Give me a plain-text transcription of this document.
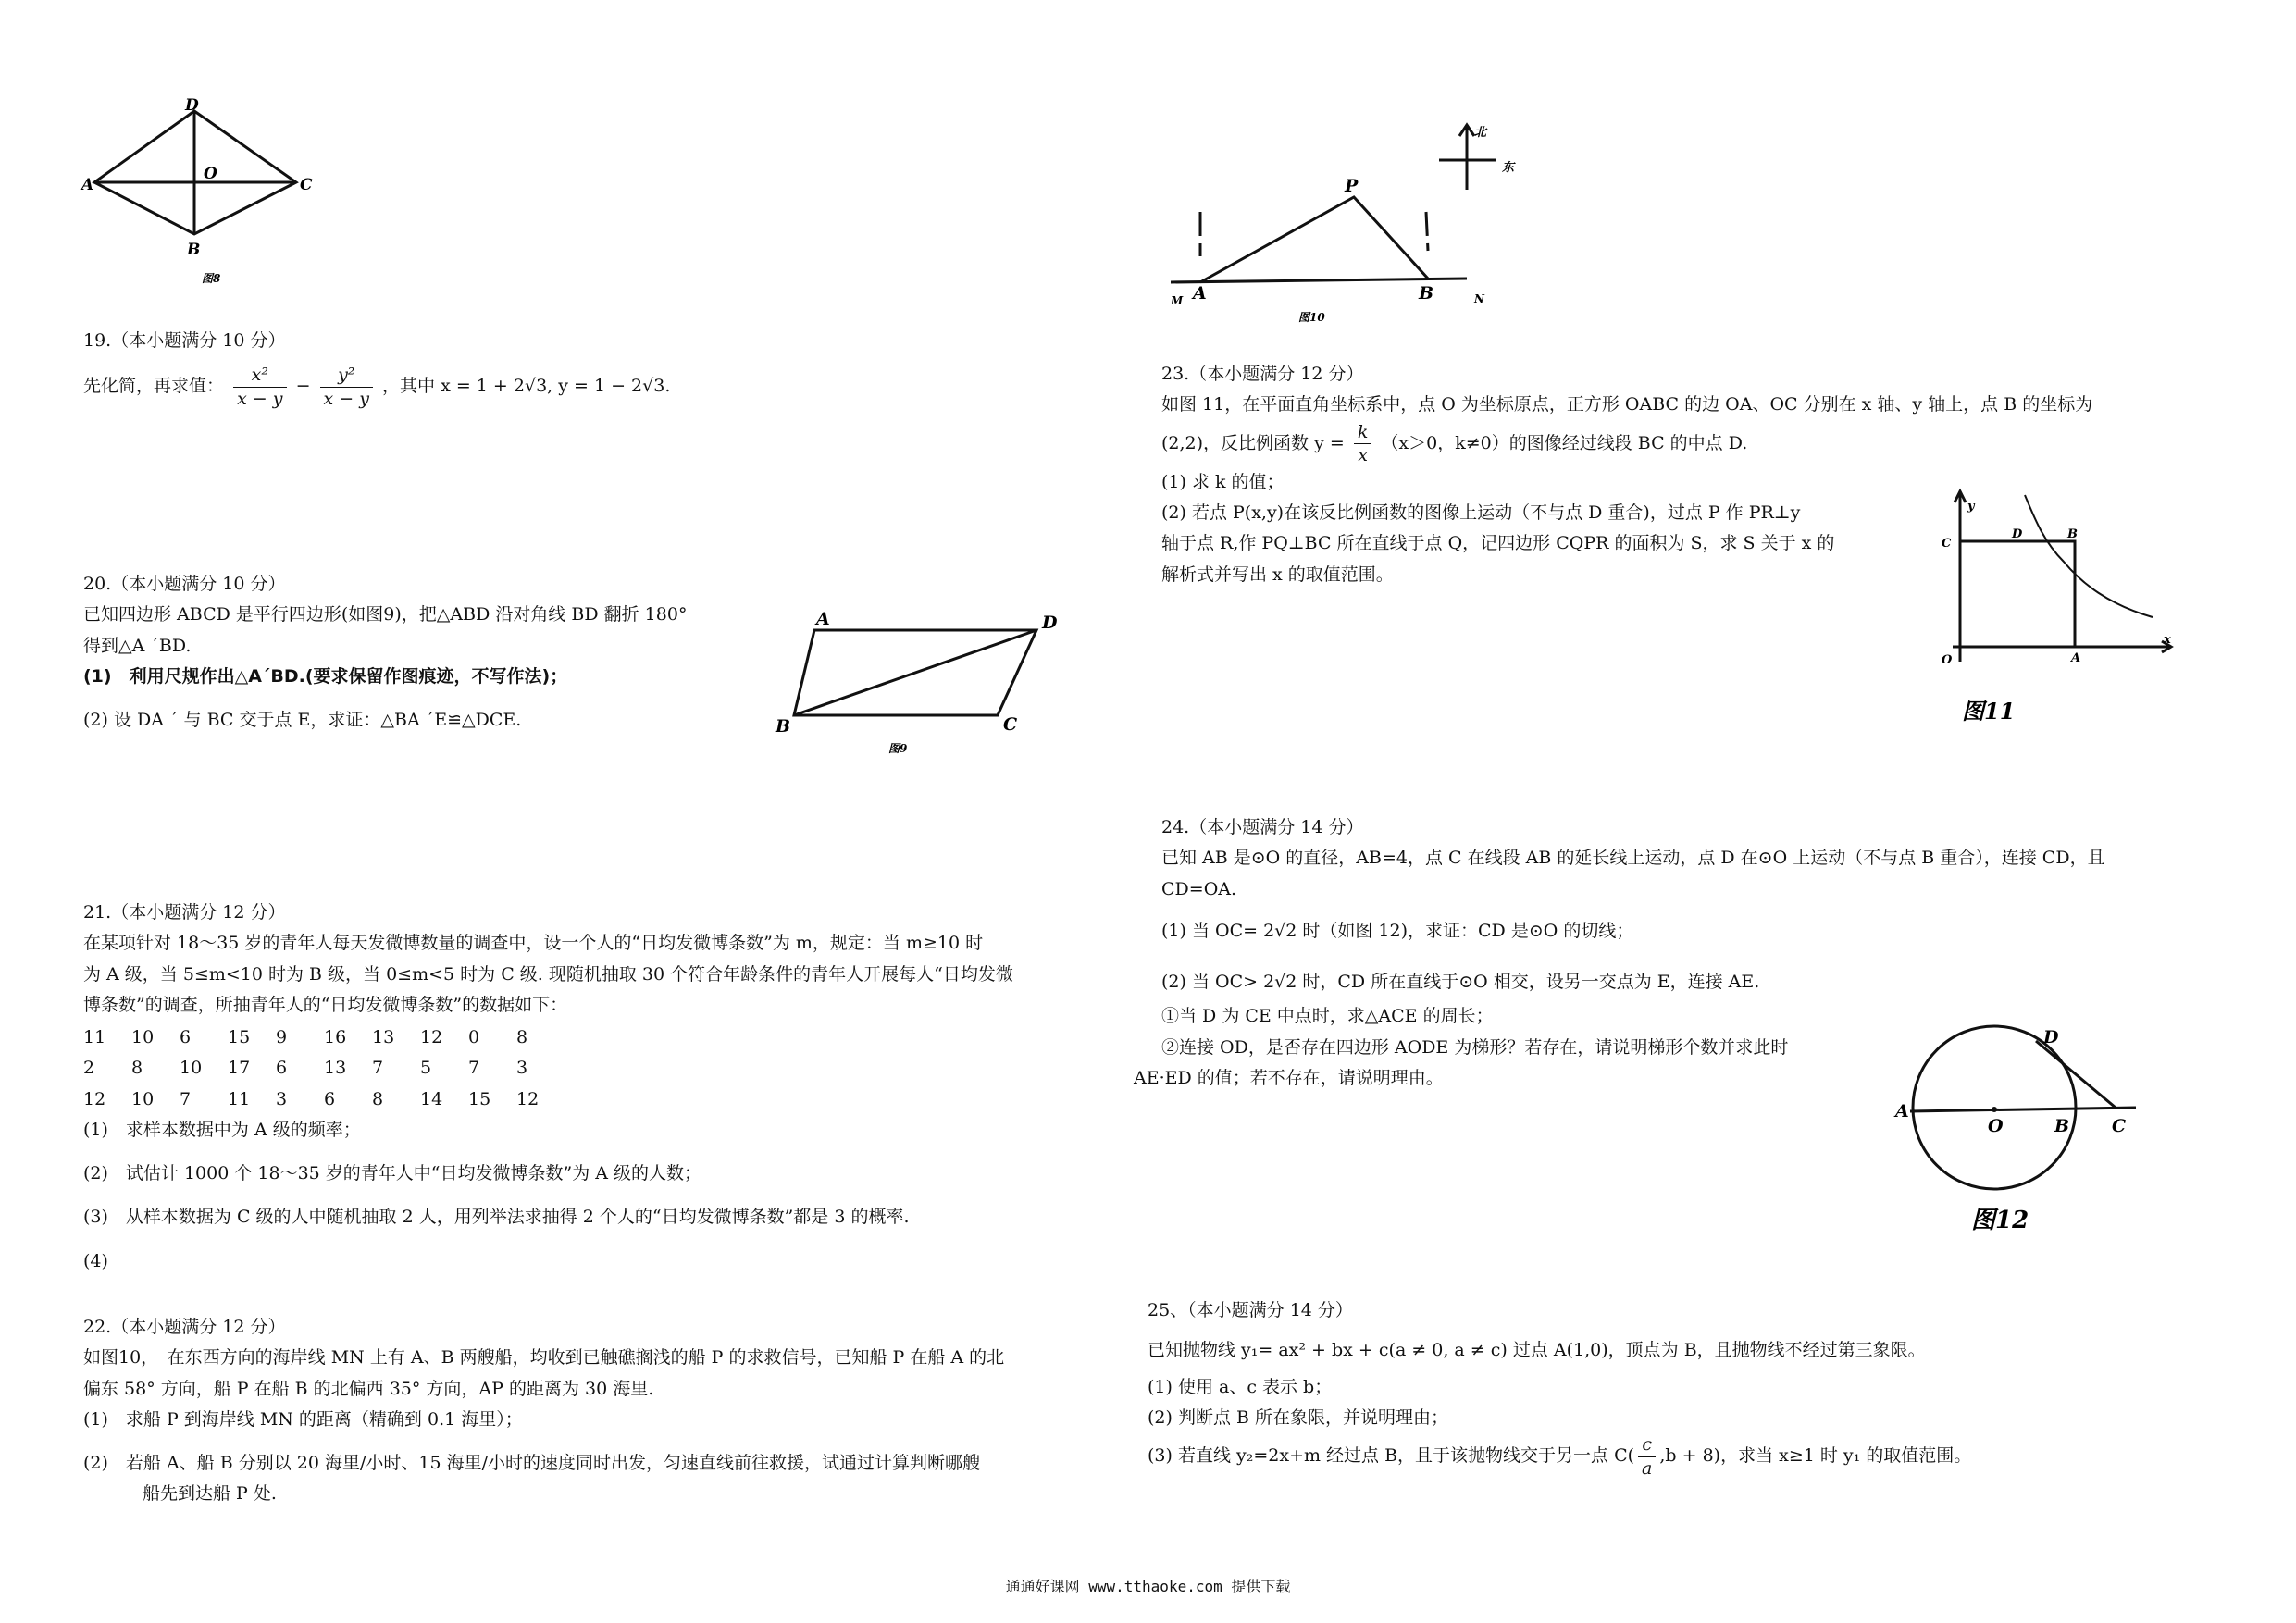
D
A
O
C
B
图8
19.（本小题满分 10 分）
先化简，再求值： $\frac{\text{x²}}{x - y} - \frac{\text{y²}}{x - y}$ ，其中 x = 1 + 2√3, y = 1 − 2√3.
20.（本小题满分 10 分）
已知四边形 ABCD 是平行四边形(如图9)，把△ABD 沿对角线 BD 翻折 180°
得到△A ´BD.
(1)　利用尺规作出△A´BD.(要求保留作图痕迹，不写作法)；
(2) 设 DA ´ 与 BC 交于点 E，求证：△BA ´E≌△DCE.
A	D
B	C
图9
21.（本小题满分 12 分）
在某项针对 18～35 岁的青年人每天发微博数量的调查中，设一个人的“日均发微博条数”为 m，规定：当 m≥10 时
为 A 级，当 5≤m<10 时为 B 级，当 0≤m<5 时为 C 级. 现随机抽取 30 个符合年龄条件的青年人开展每人“日均发微
博条数”的调查，所抽青年人的“日均发微博条数”的数据如下：
11 10 6 15 9 16 13 12 0 8
2 8 10 17 6 13 7 5 7 3
12 10 7 11 3 6 8 14 15 12
(1)　求样本数据中为 A 级的频率；
(2)　试估计 1000 个 18～35 岁的青年人中“日均发微博条数”为 A 级的人数；
(3)　从样本数据为 C 级的人中随机抽取 2 人，用列举法求抽得 2 个人的“日均发微博条数”都是 3 的概率.
(4)
22.（本小题满分 12 分）
如图10，　在东西方向的海岸线 MN 上有 A、B 两艘船，均收到已触礁搁浅的船 P 的求救信号，已知船 P 在船 A 的北
偏东 58° 方向，船 P 在船 B 的北偏西 35° 方向，AP 的距离为 30 海里.
(1)　求船 P 到海岸线 MN 的距离（精确到 0.1 海里）；
(2)　若船 A、船 B 分别以 20 海里/小时、15 海里/小时的速度同时出发，匀速直线前往救援，试通过计算判断哪艘
船先到达船 P 处.
北
东
P
A	B
M	N
图10
23.（本小题满分 12 分）
如图 11，在平面直角坐标系中，点 O 为坐标原点，正方形 OABC 的边 OA、OC 分别在 x 轴、y 轴上，点 B 的坐标为
(2,2)，反比例函数 $y = \frac{k}{x} (x>0$，k≠0）的图像经过线段 BC 的中点 D.
(1) 求 k 的值；
(2) 若点 P(x,y)在该反比例函数的图像上运动（不与点 D 重合)，过点 P 作 PR⊥y
轴于点 R,作 PQ⊥BC 所在直线于点 Q，记四边形 CQPR 的面积为 S，求 S 关于 x 的
解析式并写出 x 的取值范围。
y
D	B
C
O	A
x
图11
24.（本小题满分 14 分）
已知 AB 是⊙O 的直径，AB=4，点 C 在线段 AB 的延长线上运动，点 D 在⊙O 上运动（不与点 B 重合），连接 CD，且
CD=OA.
(1) 当 OC= 2√2 时（如图 12)，求证：CD 是⊙O 的切线；
(2) 当 OC> 2√2 时，CD 所在直线于⊙O 相交，设另一交点为 E，连接 AE.
①当 D 为 CE 中点时，求△ACE 的周长；
②连接 OD，是否存在四边形 AODE 为梯形？若存在，请说明梯形个数并求此时
AE·ED 的值；若不存在，请说明理由。
D
A
O	B C
图12
25、（本小题满分 14 分）
已知抛物线 y₁= ax² + bx + c(a ≠ 0, a ≠ c) 过点 A(1,0)，顶点为 B，且抛物线不经过第三象限。
(1) 使用 a、c 表示 b；
(2) 判断点 B 所在象限，并说明理由；
(3) 若直线 y₂=2x+m 经过点 B，且于该抛物线交于另一点 $C( \frac{c}{a} ,b + 8)$，求当 x≥1 时 y₁ 的取值范围。
通通好课网 www.tthaoke.com 提供下载
